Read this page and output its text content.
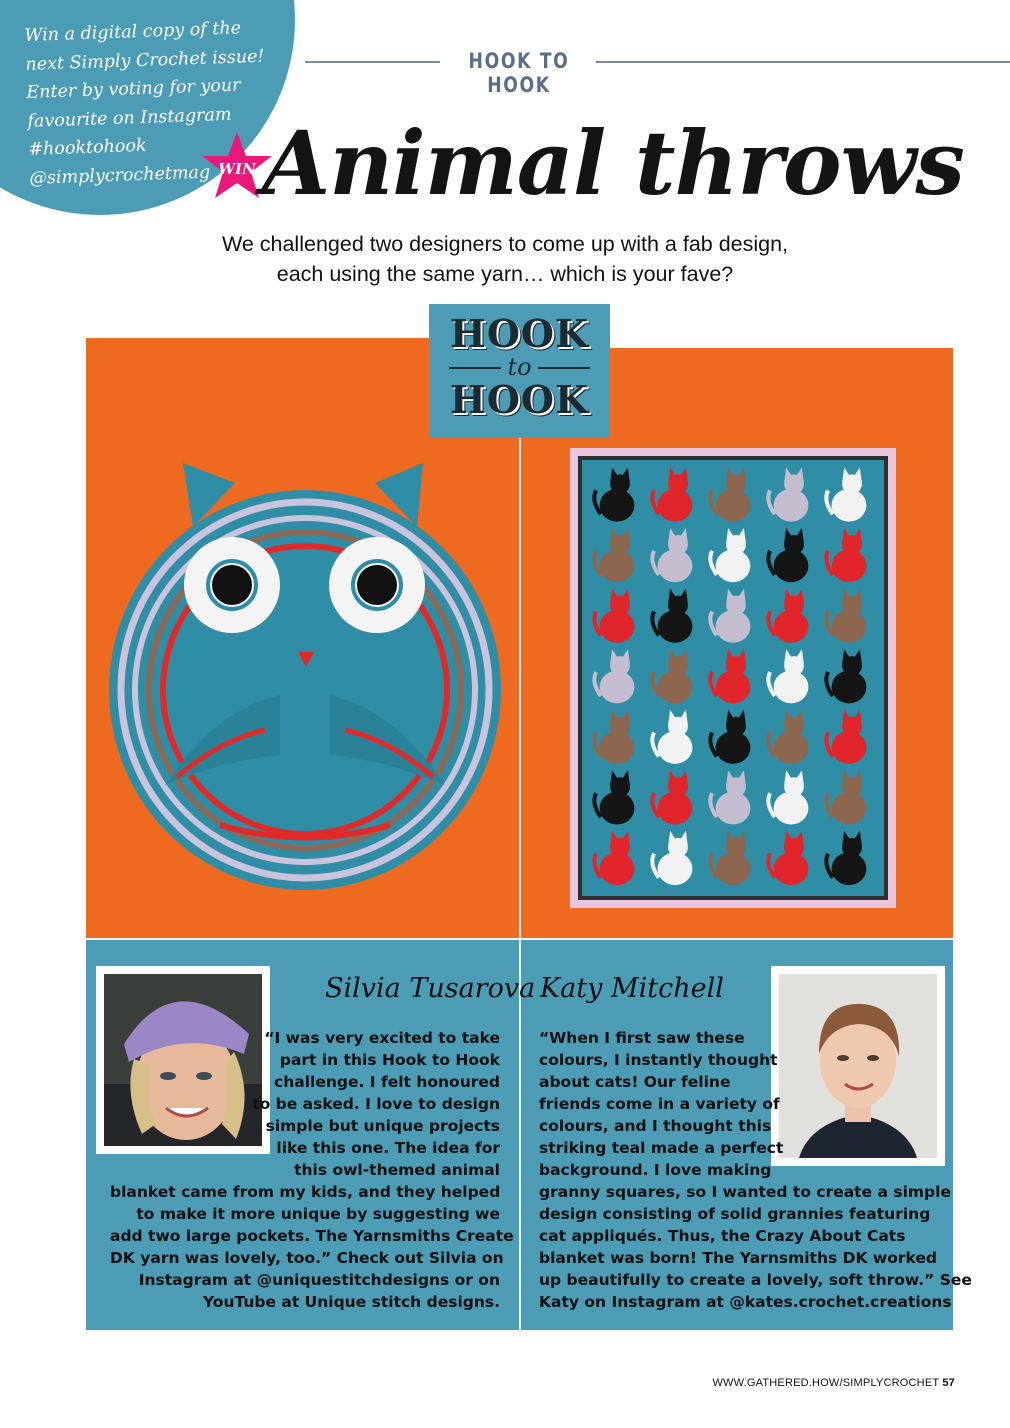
Win a digital copy of the
next Simply Crochet issue!
Enter by voting for your
favourite on Instagram
#hooktohook
@simplycrochetmag
HOOK TO HOOK
WIN Animal throws
We challenged two designers to come up with a fab design,
each using the same yarn… which is your fave?
HOOK
to
HOOK
Silvia Tusarova Katy Mitchell
“I was very excited to take
part in this Hook to Hook
challenge. I felt honoured
to be asked. I love to design
simple but unique projects
like this one. The idea for
this owl-themed animal
blanket came from my kids, and they helped
to make it more unique by suggesting we
add two large pockets. The Yarnsmiths Create
DK yarn was lovely, too.” Check out Silvia on
Instagram at @uniquestitchdesigns or on
YouTube at Unique stitch designs.
“When I first saw these
colours, I instantly thought
about cats! Our feline
friends come in a variety of
colours, and I thought this
striking teal made a perfect
background. I love making
granny squares, so I wanted to create a simple
design consisting of solid grannies featuring
cat appliqués. Thus, the Crazy About Cats
blanket was born! The Yarnsmiths DK worked
up beautifully to create a lovely, soft throw.” See
Katy on Instagram at @kates.crochet.creations
WWW.GATHERED.HOW/SIMPLYCROCHET 57
